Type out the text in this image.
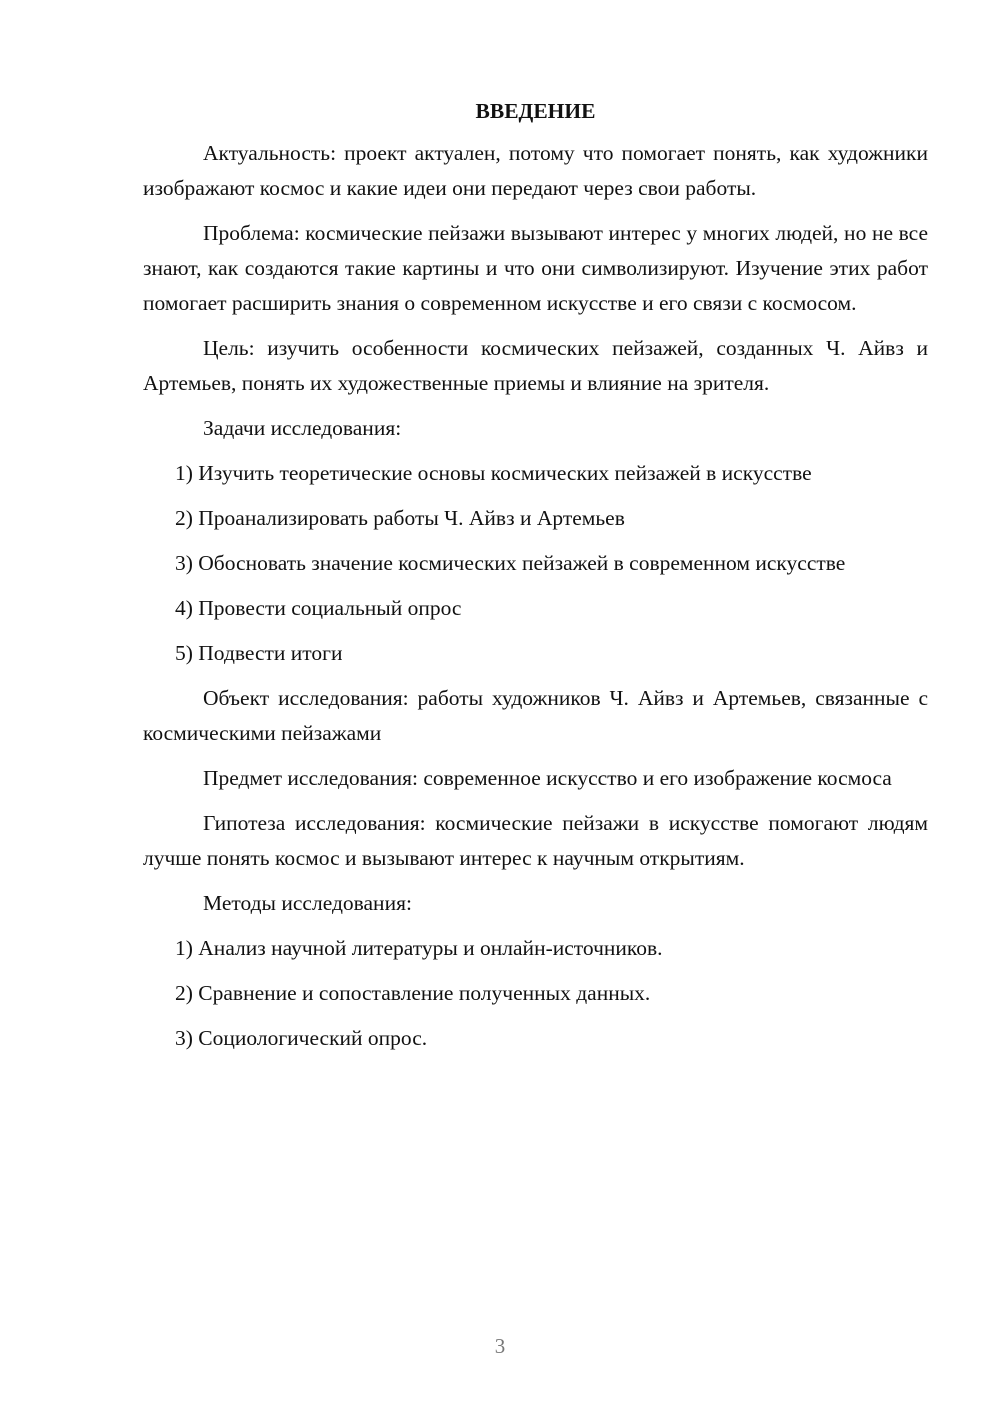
ВВЕДЕНИЕ

Актуальность: проект актуален, потому что помогает понять, как художники изображают космос и какие идеи они передают через свои работы.

Проблема: космические пейзажи вызывают интерес у многих людей, но не все знают, как создаются такие картины и что они символизируют. Изучение этих работ помогает расширить знания о современном искусстве и его связи с космосом.

Цель: изучить особенности космических пейзажей, созданных Ч. Айвз и Артемьев, понять их художественные приемы и влияние на зрителя.

Задачи исследования:

1) Изучить теоретические основы космических пейзажей в искусстве

2) Проанализировать работы Ч. Айвз и Артемьев

3) Обосновать значение космических пейзажей в современном искусстве

4) Провести социальный опрос

5) Подвести итоги

Объект исследования: работы художников Ч. Айвз и Артемьев, связанные с космическими пейзажами

Предмет исследования: современное искусство и его изображение космоса

Гипотеза исследования: космические пейзажи в искусстве помогают людям лучше понять космос и вызывают интерес к научным открытиям.

Методы исследования:

1) Анализ научной литературы и онлайн-источников.

2) Сравнение и сопоставление полученных данных.

3) Социологический опрос.

3
